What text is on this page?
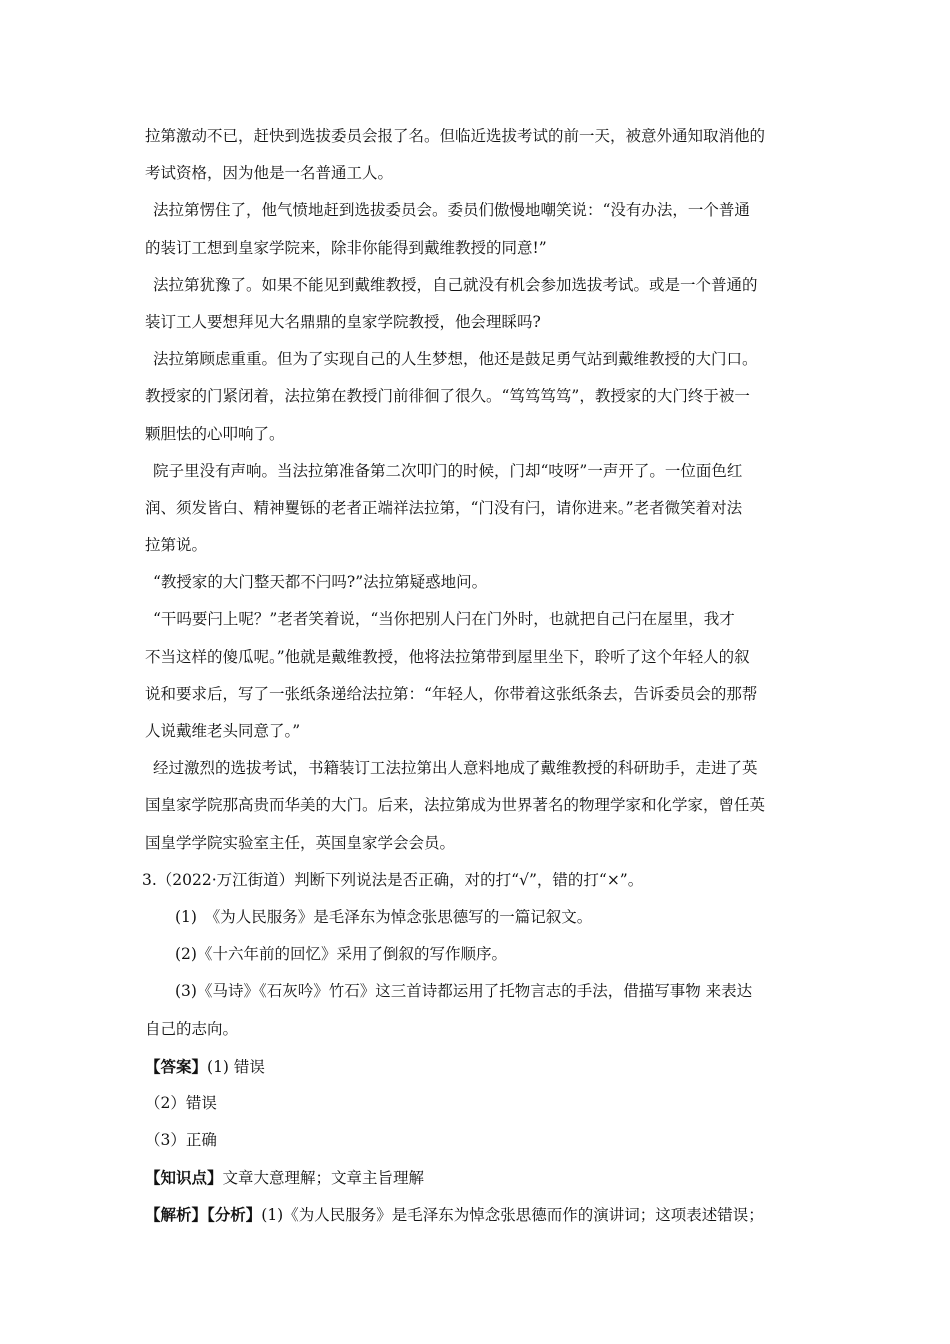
拉第激动不已，赶快到选拔委员会报了名。但临近选拔考试的前一天，被意外通知取消他的
考试资格，因为他是一名普通工人。
法拉第愣住了，他气愤地赶到选拔委员会。委员们傲慢地嘲笑说：“没有办法，一个普通
的装订工想到皇家学院来，除非你能得到戴维教授的同意!”
法拉第犹豫了。如果不能见到戴维教授，自己就没有机会参加选拔考试。或是一个普通的
装订工人要想拜见大名鼎鼎的皇家学院教授，他会理睬吗?
法拉第顾虑重重。但为了实现自己的人生梦想，他还是鼓足勇气站到戴维教授的大门口。
教授家的门紧闭着，法拉第在教授门前徘徊了很久。“笃笃笃笃”，教授家的大门终于被一
颗胆怯的心叩响了。
院子里没有声响。当法拉第准备第二次叩门的时候，门却“吱呀”一声开了。一位面色红
润、须发皆白、精神矍铄的老者正端祥法拉第，“门没有闩，请你进来。”老者微笑着对法
拉第说。
“教授家的大门整天都不闩吗?”法拉第疑惑地问。
“干吗要闩上呢？”老者笑着说，“当你把别人闩在门外时，也就把自己闩在屋里，我才
不当这样的傻瓜呢。”他就是戴维教授，他将法拉第带到屋里坐下，聆听了这个年轻人的叙
说和要求后，写了一张纸条递给法拉第：“年轻人，你带着这张纸条去，告诉委员会的那帮
人说戴维老头同意了。”
经过激烈的选拔考试，书籍装订工法拉第出人意料地成了戴维教授的科研助手，走进了英
国皇家学院那高贵而华美的大门。后来，法拉第成为世界著名的物理学家和化学家，曾任英
国皇学学院实验室主任，英国皇家学会会员。
3.（2022·万江街道）判断下列说法是否正确，对的打“√”，错的打“×”。
(1)　《为人民服务》是毛泽东为悼念张思德写的一篇记叙文。
(2)《十六年前的回忆》采用了倒叙的写作顺序。
(3)《马诗》《石灰吟》竹石》这三首诗都运用了托物言志的手法，借描写事物 来表达
自己的志向。
【答案】(1) 错误
（2）错误
（3）正确
【知识点】文章大意理解；文章主旨理解
【解析】【分析】(1)《为人民服务》是毛泽东为悼念张思德而作的演讲词；这项表述错误；
